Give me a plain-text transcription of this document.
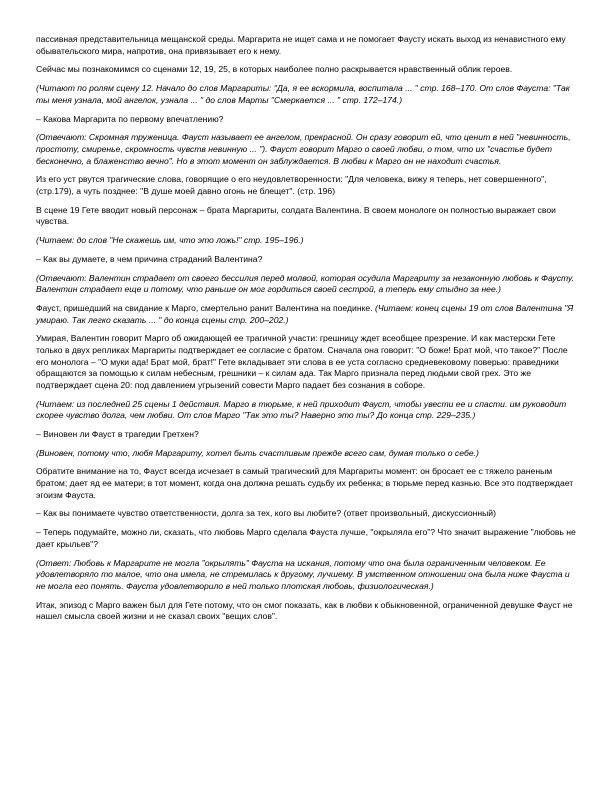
пассивная представительница мещанской среды. Маргарита не ищет сама и не помогает Фаусту искать выход из ненавистного ему обывательского мира, напротив, она привязывает его к нему.

Сейчас мы познакомимся со сценами 12, 19, 25, в которых наиболее полно раскрывается нравственный облик героев.

(Читают по ролям сцену 12. Начало до слов Маргариты: "Да, я ее вскормила, воспитала ... " стр. 168–170. От слов Фауста: "Так ты меня узнала, мой ангелок, узнала ... " до слов Марты "Смеркается ... " стр. 172–174.)

– Какова Маргарита по первому впечатлению?

(Отвечают: Скромная труженица. Фауст называет ее ангелом, прекрасной. Он сразу говорит ей, что ценит в ней "невинность, простоту, смиренье, скромность чувств невинную ... "). Фауст говорит Марго о своей любви, о том, что их "счастье будет бесконечно, а блаженство вечно". Но в этот момент он заблуждается. В любви к Марго он не находит счастья.

Из его уст рвутся трагические слова, говорящие о его неудовлетворенности: "Для человека, вижу я теперь, нет совершенного", (стр.179), а чуть позднее: "В душе моей давно огонь не блещет". (стр. 196)

В сцене 19 Гете вводит новый персонаж – брата Маргариты, солдата Валентина. В своем монологе он полностью выражает свои чувства.

(Читаем: до слов "Не скажешь им, что это ложь!" стр. 195–196.)

– Как вы думаете, в чем причина страданий Валентина?

(Отвечают: Валентин страдает от своего бессилия перед молвой, которая осудила Маргариту за незаконную любовь к Фаусту. Валентин страдает еще и потому, что раньше он мог гордиться своей сестрой, а теперь ему стыдно за нее.)

Фауст, пришедший на свидание к Марго, смертельно ранит Валентина на поединке. (Читаем: конец сцены 19 от слов Валентина "Я умираю. Так легко сказать ... " до конца сцены стр. 200–202.)

Умирая, Валентин говорит Марго об ожидающей ее трагичной участи: грешницу ждет всеобщее презрение. И как мастерски Гете только в двух репликах Маргариты подтверждает ее согласие с братом. Сначала она говорит: "О боже! Брат мой, что такое?" После его монолога – "О муки ада! Брат мой, брат!" Гете вкладывает эти слова в ее уста согласно средневековому поверью: праведники обращаются за помощью к силам небесным, грешники – к силам ада. Так Марго признала перед людьми свой грех. Это же подтверждает сцена 20: под давлением угрызений совести Марго падает без сознания в соборе.

(Читаем: из последней 25 сцены 1 действия. Марго в тюрьме, к ней приходит Фауст, чтобы увести ее и спасти. им руководит скорее чувство долга, чем любви. От слов Марго "Так это ты? Наверно это ты? До конца стр. 229–235.)

– Виновен ли Фауст в трагедии Гретхен?

(Виновен, потому что, любя Маргариту, хотел быть счастливым прежде всего сам, думая только о себе.)

Обратите внимание на то, Фауст всегда исчезает в самый трагический для Маргариты момент: он бросает ее с тяжело раненым братом; дает яд ее матери; в тот момент, когда она должна решать судьбу их ребенка; в тюрьме перед казнью. Все это подтверждает эгоизм Фауста.

– Как вы понимаете чувство ответственности, долга за тех, кого вы любите? (ответ произвольный, дискуссионный)

– Теперь подумайте, можно ли, сказать, что любовь Марго сделала Фауста лучше, "окрыляла его"? Что значит выражение "любовь не дает крыльев"?

(Ответ: Любовь к Маргарите не могла "окрылять" Фауста на искания, потому что она была ограниченным человеком. Ее удовлетворяло то малое, что она имела, не стремилась к другому, лучшему. В умственном отношении она была ниже Фауста и не могла его понять. Фауста удовлетворило в ней только плотская любовь, физиологическая.)

Итак, эпизод с Марго важен был для Гете потому, что он смог показать, как в любви к обыкновенной, ограниченной девушке Фауст не нашел смысла своей жизни и не сказал своих "вещих слов".
